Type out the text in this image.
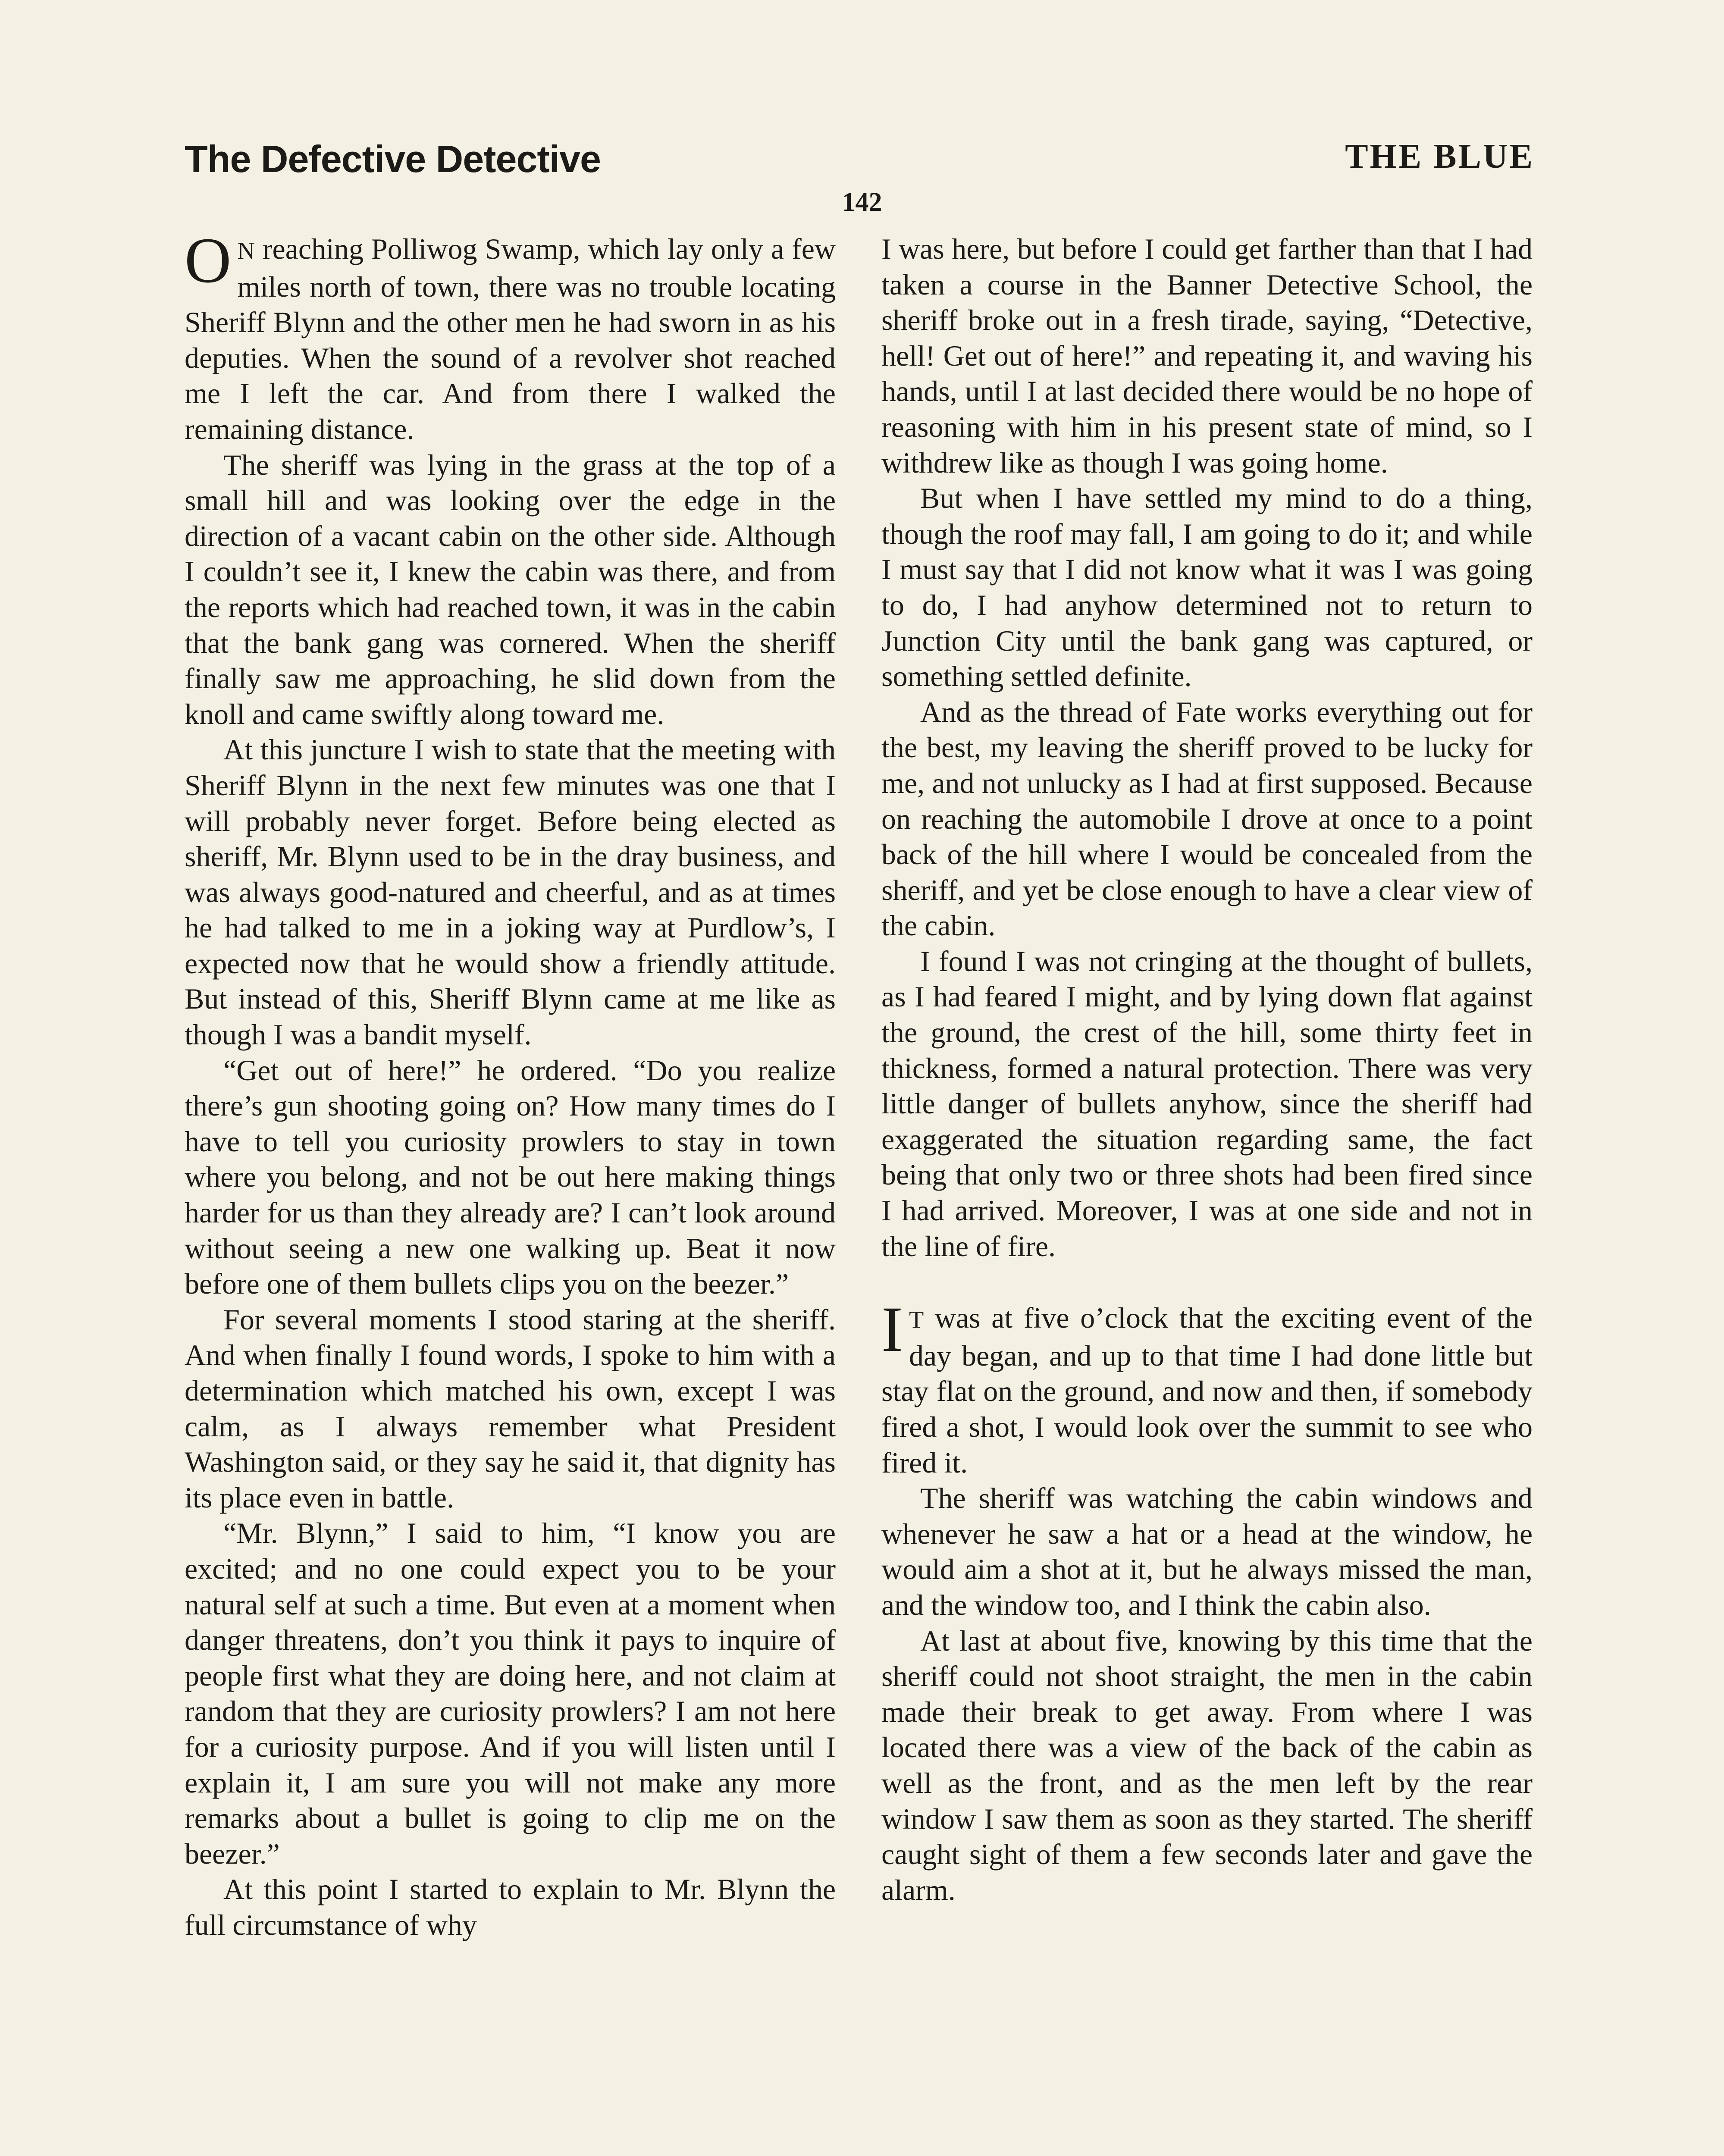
The Defective Detective	THE BLUE
142

ON reaching Polliwog Swamp, which lay only a few miles north of town, there was no trouble locating Sheriff Blynn and the other men he had sworn in as his deputies. When the sound of a revolver shot reached me I left the car. And from there I walked the remaining distance.

The sheriff was lying in the grass at the top of a small hill and was looking over the edge in the direction of a vacant cabin on the other side. Although I couldn’t see it, I knew the cabin was there, and from the reports which had reached town, it was in the cabin that the bank gang was cornered. When the sheriff finally saw me approaching, he slid down from the knoll and came swiftly along toward me.

At this juncture I wish to state that the meeting with Sheriff Blynn in the next few minutes was one that I will probably never forget. Before being elected as sheriff, Mr. Blynn used to be in the dray business, and was always good-natured and cheerful, and as at times he had talked to me in a joking way at Purdlow’s, I expected now that he would show a friendly attitude. But instead of this, Sheriff Blynn came at me like as though I was a bandit myself.

“Get out of here!” he ordered. “Do you realize there’s gun shooting going on? How many times do I have to tell you curiosity prowlers to stay in town where you belong, and not be out here making things harder for us than they already are? I can’t look around without seeing a new one walking up. Beat it now before one of them bullets clips you on the beezer.”

For several moments I stood staring at the sheriff. And when finally I found words, I spoke to him with a determination which matched his own, except I was calm, as I always remember what President Washington said, or they say he said it, that dignity has its place even in battle.

“Mr. Blynn,” I said to him, “I know you are excited; and no one could expect you to be your natural self at such a time. But even at a moment when danger threatens, don’t you think it pays to inquire of people first what they are doing here, and not claim at random that they are curiosity prowlers? I am not here for a curiosity purpose. And if you will listen until I explain it, I am sure you will not make any more remarks about a bullet is going to clip me on the beezer.”

At this point I started to explain to Mr. Blynn the full circumstance of why

I was here, but before I could get farther than that I had taken a course in the Banner Detective School, the sheriff broke out in a fresh tirade, saying, “Detective, hell! Get out of here!” and repeating it, and waving his hands, until I at last decided there would be no hope of reasoning with him in his present state of mind, so I withdrew like as though I was going home.

But when I have settled my mind to do a thing, though the roof may fall, I am going to do it; and while I must say that I did not know what it was I was going to do, I had anyhow determined not to return to Junction City until the bank gang was captured, or something settled definite.

And as the thread of Fate works everything out for the best, my leaving the sheriff proved to be lucky for me, and not unlucky as I had at first supposed. Because on reaching the automobile I drove at once to a point back of the hill where I would be concealed from the sheriff, and yet be close enough to have a clear view of the cabin.

I found I was not cringing at the thought of bullets, as I had feared I might, and by lying down flat against the ground, the crest of the hill, some thirty feet in thickness, formed a natural protection. There was very little danger of bullets anyhow, since the sheriff had exaggerated the situation regarding same, the fact being that only two or three shots had been fired since I had arrived. Moreover, I was at one side and not in the line of fire.

IT was at five o’clock that the exciting event of the day began, and up to that time I had done little but stay flat on the ground, and now and then, if somebody fired a shot, I would look over the summit to see who fired it.

The sheriff was watching the cabin windows and whenever he saw a hat or a head at the window, he would aim a shot at it, but he always missed the man, and the window too, and I think the cabin also.

At last at about five, knowing by this time that the sheriff could not shoot straight, the men in the cabin made their break to get away. From where I was located there was a view of the back of the cabin as well as the front, and as the men left by the rear window I saw them as soon as they started. The sheriff caught sight of them a few seconds later and gave the alarm.
